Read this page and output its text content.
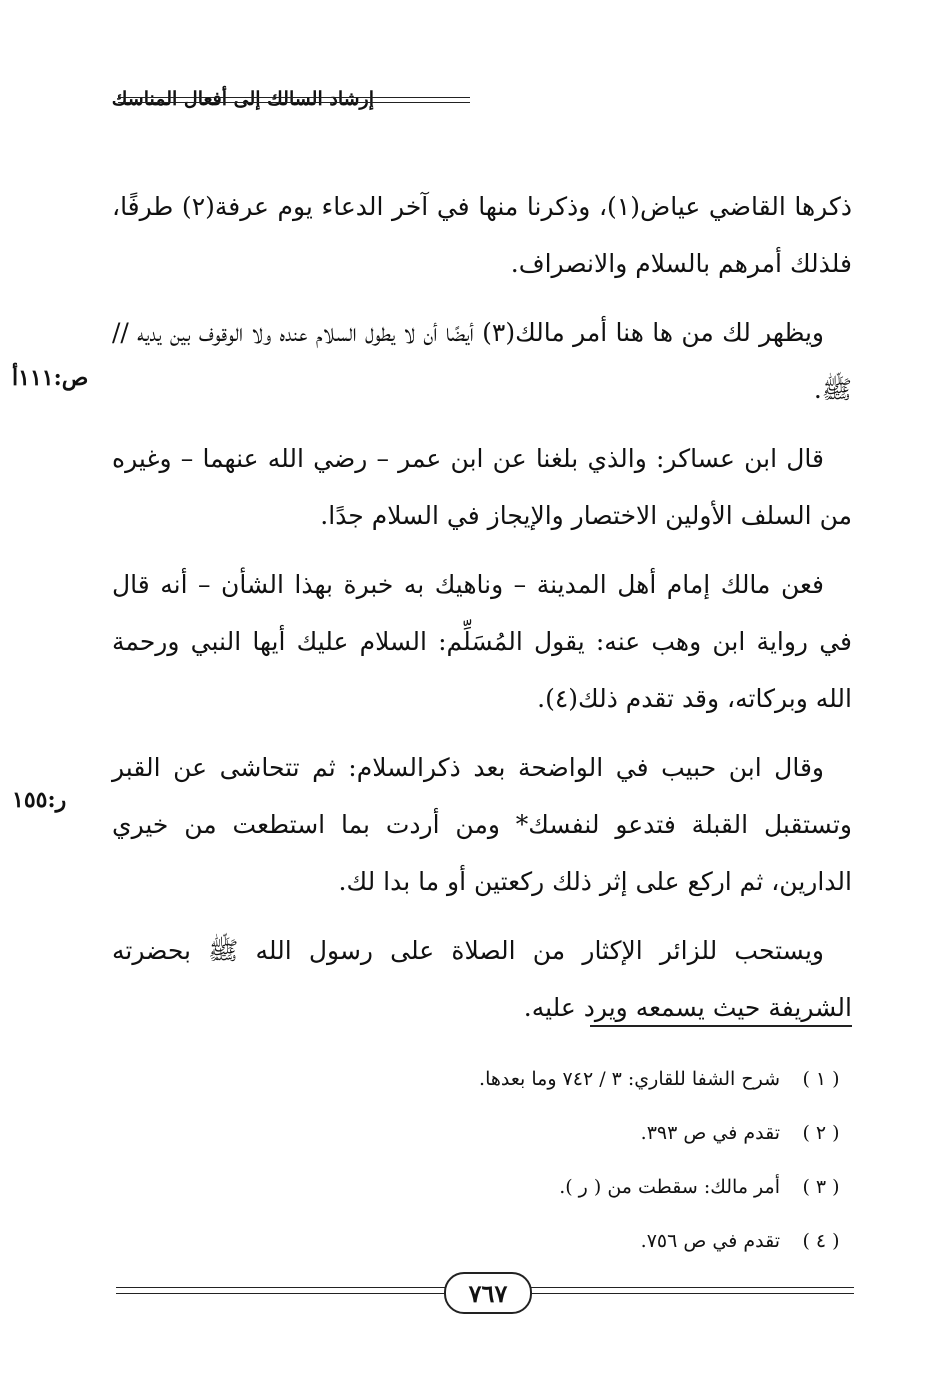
إرشاد السالك إلى أفعال المناسك

ذكرها القاضي عياض(١)، وذكرنا منها في آخر الدعاء يوم عرفة(٢) طرفًا، فلذلك أمرهم بالسلام والانصراف.

ويظهر لك من ها هنا أمر مالك(٣) أيضًا أن لا يطول السلام عنده ولا الوقوف بين يديه // ﷺ.

قال ابن عساكر: والذي بلغنا عن ابن عمر – رضي الله عنهما – وغيره من السلف الأولين الاختصار والإيجاز في السلام جدًا.

فعن مالك إمام أهل المدينة – وناهيك به خبرة بهذا الشأن – أنه قال في رواية ابن وهب عنه: يقول المُسَلِّم: السلام عليك أيها النبي ورحمة الله وبركاته، وقد تقدم ذلك(٤).

وقال ابن حبيب في الواضحة بعد ذكرالسلام: ثم تتحاشى عن القبر وتستقبل القبلة فتدعو لنفسك* ومن أردت بما استطعت من خيري الدارين، ثم اركع على إثر ذلك ركعتين أو ما بدا لك.

ويستحب للزائر الإكثار من الصلاة على رسول الله ﷺ بحضرته الشريفة حيث يسمعه ويرد عليه.

ص:١١١أ
ر:١٥٥
( ١ )
شرح الشفا للقاري: ٣ / ٧٤٢ وما بعدها.
( ٢ )
تقدم في ص ٣٩٣.
( ٣ )
أمر مالك: سقطت من ( ر ).
( ٤ )
تقدم في ص ٧٥٦.
٧٦٧
